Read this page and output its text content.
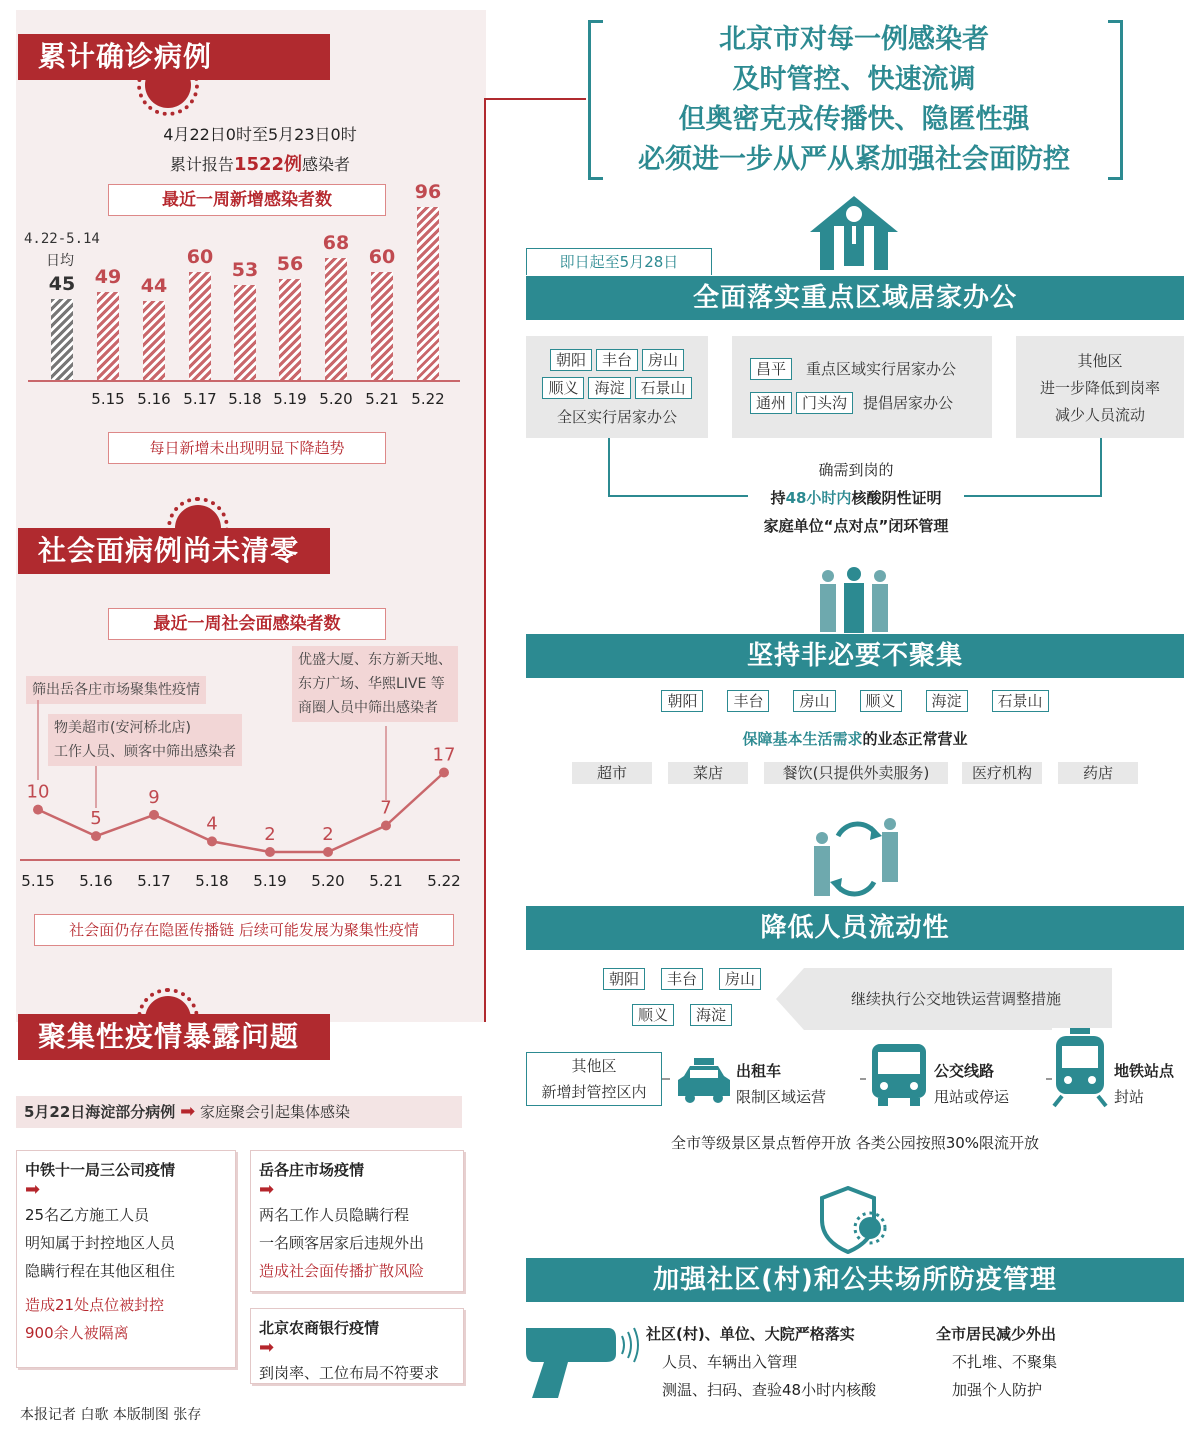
累计确诊病例
4月22日0时至5月23日0时
累计报告1522例感染者
最近一周新增感染者数
4.22-5.14
日均
45	49
5.15
44
5.16
60
5.17
53
5.18
56
5.19
68
5.20
60
5.21
96
5.22
每日新增未出现明显下降趋势
社会面病例尚未清零
最近一周社会面感染者数
筛出岳各庄市场聚集性疫情
物美超市(安河桥北店)
工作人员、顾客中筛出感染者
优盛大厦、东方新天地、
东方广场、华熙LIVE 等
商圈人员中筛出感染者
10
5.15
5
5.16
9
5.17
4
5.18
2
5.19
2
5.20
7
5.21
17
5.22
社会面仍存在隐匿传播链 后续可能发展为聚集性疫情
聚集性疫情暴露问题
5月22日海淀部分病例 ➡ 家庭聚会引起集体感染
中铁十一局三公司疫情
➡
25名乙方施工人员
明知属于封控地区人员
隐瞒行程在其他区租住
造成21处点位被封控
900余人被隔离
岳各庄市场疫情
➡
两名工作人员隐瞒行程
一名顾客居家后违规外出
造成社会面传播扩散风险
北京农商银行疫情
➡
到岗率、工位布局不符要求
本报记者 白歌 本版制图 张存
北京市对每一例感染者
及时管控、快速流调
但奥密克戎传播快、隐匿性强
必须进一步从严从紧加强社会面防控
即日起至5月28日
全面落实重点区域居家办公
朝阳 丰台 房山顺义 海淀 石景山
全区实行居家办公
昌平 重点区域实行居家办公
通州 门头沟 提倡居家办公
其他区
进一步降低到岗率
减少人员流动
确需到岗的
持48小时内核酸阴性证明
家庭单位“点对点”闭环管理
坚持非必要不聚集
朝阳 丰台 房山 顺义 海淀 石景山
保障基本生活需求的业态正常营业
超市	菜店	餐饮(只提供外卖服务)	医疗机构	药店
降低人员流动性
朝阳 丰台 房山
顺义 海淀
继续执行公交地铁运营调整措施
其他区
新增封管控区内
出租车
限制区域运营
公交线路
甩站或停运
地铁站点
封站
全市等级景区景点暂停开放 各类公园按照30%限流开放
加强社区(村)和公共场所防疫管理
社区(村)、单位、大院严格落实
人员、车辆出入管理
测温、扫码、查验48小时内核酸
全市居民减少外出
不扎堆、不聚集
加强个人防护
